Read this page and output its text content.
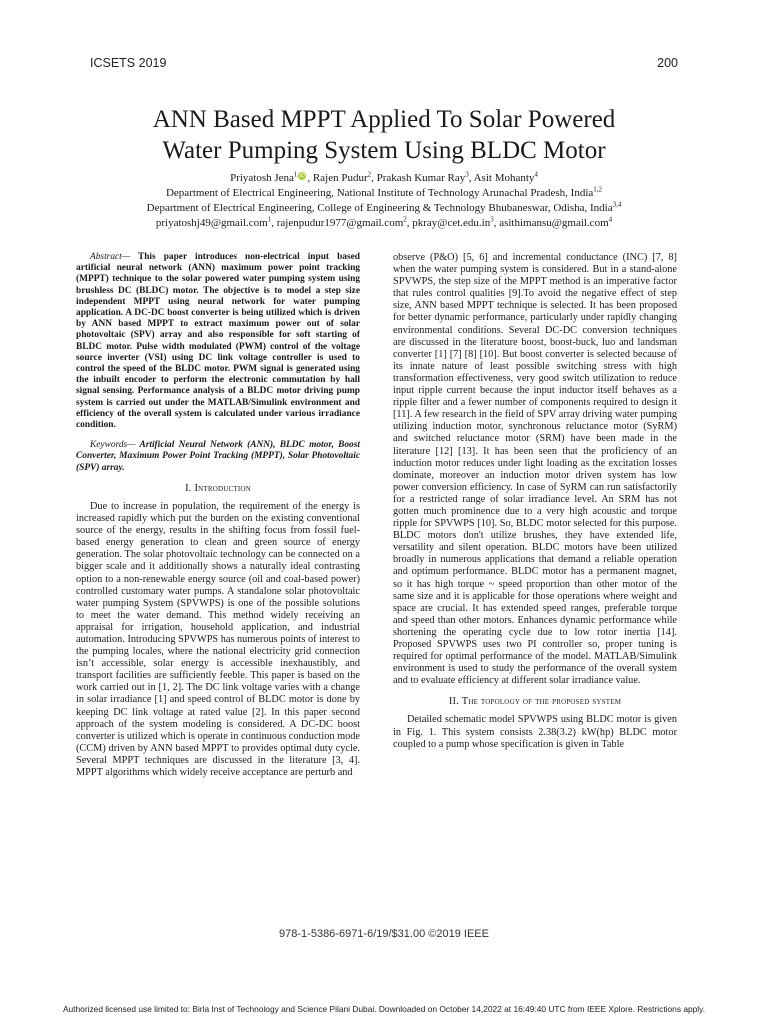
ICSETS 2019	200
ANN Based MPPT Applied To Solar Powered
Water Pumping System Using BLDC Motor
Priyatosh Jena$^1$ iD , Rajen Pudur$^2$, Prakash Kumar Ray$^3$, Asit Mohanty$^4$
Department of Electrical Engineering, National Institute of Technology Arunachal Pradesh, India$^{1,2}$
Department of Electrical Engineering, College of Engineering & Technology Bhubaneswar, Odisha, India$^{3,4}$
priyatoshj49@gmail.com$^1$, rajenpudur1977@gmail.com$^2$, $pkray@cet.edu.in^3$, asithimansu@gmail.com$^4$

Abstract— This paper introduces non-electrical input based artificial neural network (ANN) maximum power point tracking (MPPT) technique to the solar powered water pumping system using brushless DC (BLDC) motor. The objective is to model a step size independent MPPT using neural network for water pumping application. A DC-DC boost converter is being utilized which is driven by ANN based MPPT to extract maximum power out of solar photovoltaic (SPV) array and also responsible for soft starting of BLDC motor. Pulse width modulated (PWM) control of the voltage source inverter (VSI) using DC link voltage controller is used to control the speed of the BLDC motor. PWM signal is generated using the inbuilt encoder to perform the electronic commutation by hall signal sensing. Performance analysis of a BLDC motor driving pump system is carried out under the MATLAB/Simulink environment and efficiency of the overall system is calculated under various irradiance condition.

Keywords— Artificial Neural Network (ANN), BLDC motor, Boost Converter, Maximum Power Point Tracking (MPPT), Solar Photovoltaic (SPV) array.

I. Introduction

Due to increase in population, the requirement of the energy is increased rapidly which put the burden on the existing conventional source of the energy, results in the shifting focus from fossil fuel-based energy generation to clean and green source of energy generation. The solar photovoltaic technology can be connected on a bigger scale and it additionally shows a naturally ideal contrasting option to a non-renewable energy source (oil and coal-based power) controlled customary water pumps. A standalone solar photovoltaic water pumping System (SPVWPS) is one of the possible solutions to meet the water demand. This method widely receiving an appraisal for irrigation, household application, and industrial automation. Introducing SPVWPS has numerous points of interest to the pumping locales, where the national electricity grid connection isn’t accessible, solar energy is accessible inexhaustibly, and transport facilities are sufficiently feeble. This paper is based on the work carried out in [1, 2]. The DC link voltage varies with a change in solar irradiance [1] and speed control of BLDC motor is done by keeping DC link voltage at rated value [2]. In this paper second approach of the system modeling is considered. A DC-DC boost converter is utilized which is operate in continuous conduction mode (CCM) driven by ANN based MPPT to provides optimal duty cycle. Several MPPT techniques are discussed in the literature [3, 4]. MPPT algorithms which widely receive acceptance are perturb and

observe (P&O) [5, 6] and incremental conductance (INC) [7, 8] when the water pumping system is considered. But in a stand-alone SPVWPS, the step size of the MPPT method is an imperative factor that rules control qualities [9].To avoid the negative effect of step size, ANN based MPPT technique is selected. It has been proposed for better dynamic performance, particularly under rapidly changing environmental conditions. Several DC-DC conversion techniques are discussed in the literature boost, boost-buck, luo and landsman converter [1] [7] [8] [10]. But boost converter is selected because of its innate nature of least possible switching stress with high transformation effectiveness, very good switch utilization to reduce input ripple current because the input inductor itself behaves as a ripple filter and a fewer number of components required to design it [11]. A few research in the field of SPV array driving water pumping utilizing induction motor, synchronous reluctance motor (SyRM) and switched reluctance motor (SRM) have been made in the literature [12] [13]. It has been seen that the proficiency of an induction motor reduces under light loading as the excitation losses dominate, moreover an induction motor driven system has low power conversion efficiency. In case of SyRM can run satisfactorily for a restricted range of solar irradiance level. An SRM has not gotten much prominence due to a very high acoustic and torque ripple for SPVWPS [10]. So, BLDC motor selected for this purpose. BLDC motors don't utilize brushes, they have extended life, versatility and silent operation. BLDC motors have been utilized broadly in numerous applications that demand a reliable operation and optimum performance. BLDC motor has a permanent magnet, so it has high torque ~ speed proportion than other motor of the same size and it is applicable for those operations where weight and space are crucial. It has extended speed ranges, preferable torque and speed than other motors. Enhances dynamic performance while shortening the operating cycle due to low rotor inertia [14]. Proposed SPVWPS uses two PI controller so, proper tuning is required for optimal performance of the model. MATLAB/Simulink environment is used to study the performance of the overall system and to evaluate efficiency at different solar irradiance value.

II. The topology of the proposed system

Detailed schematic model SPVWPS using BLDC motor is given in Fig. 1. This system consists 2.38(3.2) kW(hp) BLDC motor coupled to a pump whose specification is given in Table

978-1-5386-6971-6/19/$31.00 ©2019 IEEE
Authorized licensed use limited to: Birla Inst of Technology and Science Pilani Dubai. Downloaded on October 14,2022 at 16:49:40 UTC from IEEE Xplore. Restrictions apply.
